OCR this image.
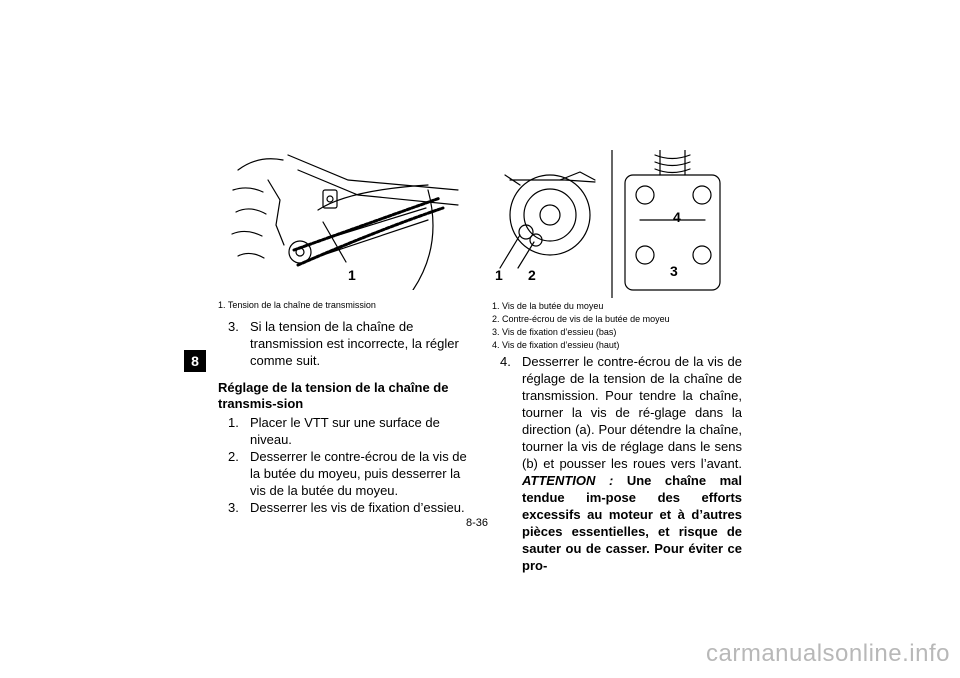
8
1	1 2	3
4
1. Tension de la chaîne de transmission	1. Vis de la butée du moyeu
2. Contre-écrou de vis de la butée de moyeu
3. Vis de fixation d’essieu (bas)
4. Vis de fixation d’essieu (haut)
3. Si la tension de la chaîne de transmission est incorrecte, la régler comme suit.
Réglage de la tension de la chaîne de transmis-sion
1. Placer le VTT sur une surface de niveau.
2. Desserrer le contre-écrou de la vis de la butée du moyeu, puis desserrer la vis de la butée du moyeu.
3. Desserrer les vis de fixation d’essieu.
4. Desserrer le contre-écrou de la vis de réglage de la tension de la chaîne de transmission. Pour tendre la chaîne, tourner la vis de ré-glage dans la direction (a). Pour détendre la chaîne, tourner la vis de réglage dans le sens (b) et pousser les roues vers l’avant. ATTENTION : Une chaîne mal tendue im-pose des efforts excessifs au moteur et à d’autres pièces essentielles, et risque de sauter ou de casser. Pour éviter ce pro-
8-36
carmanualsonline.info
